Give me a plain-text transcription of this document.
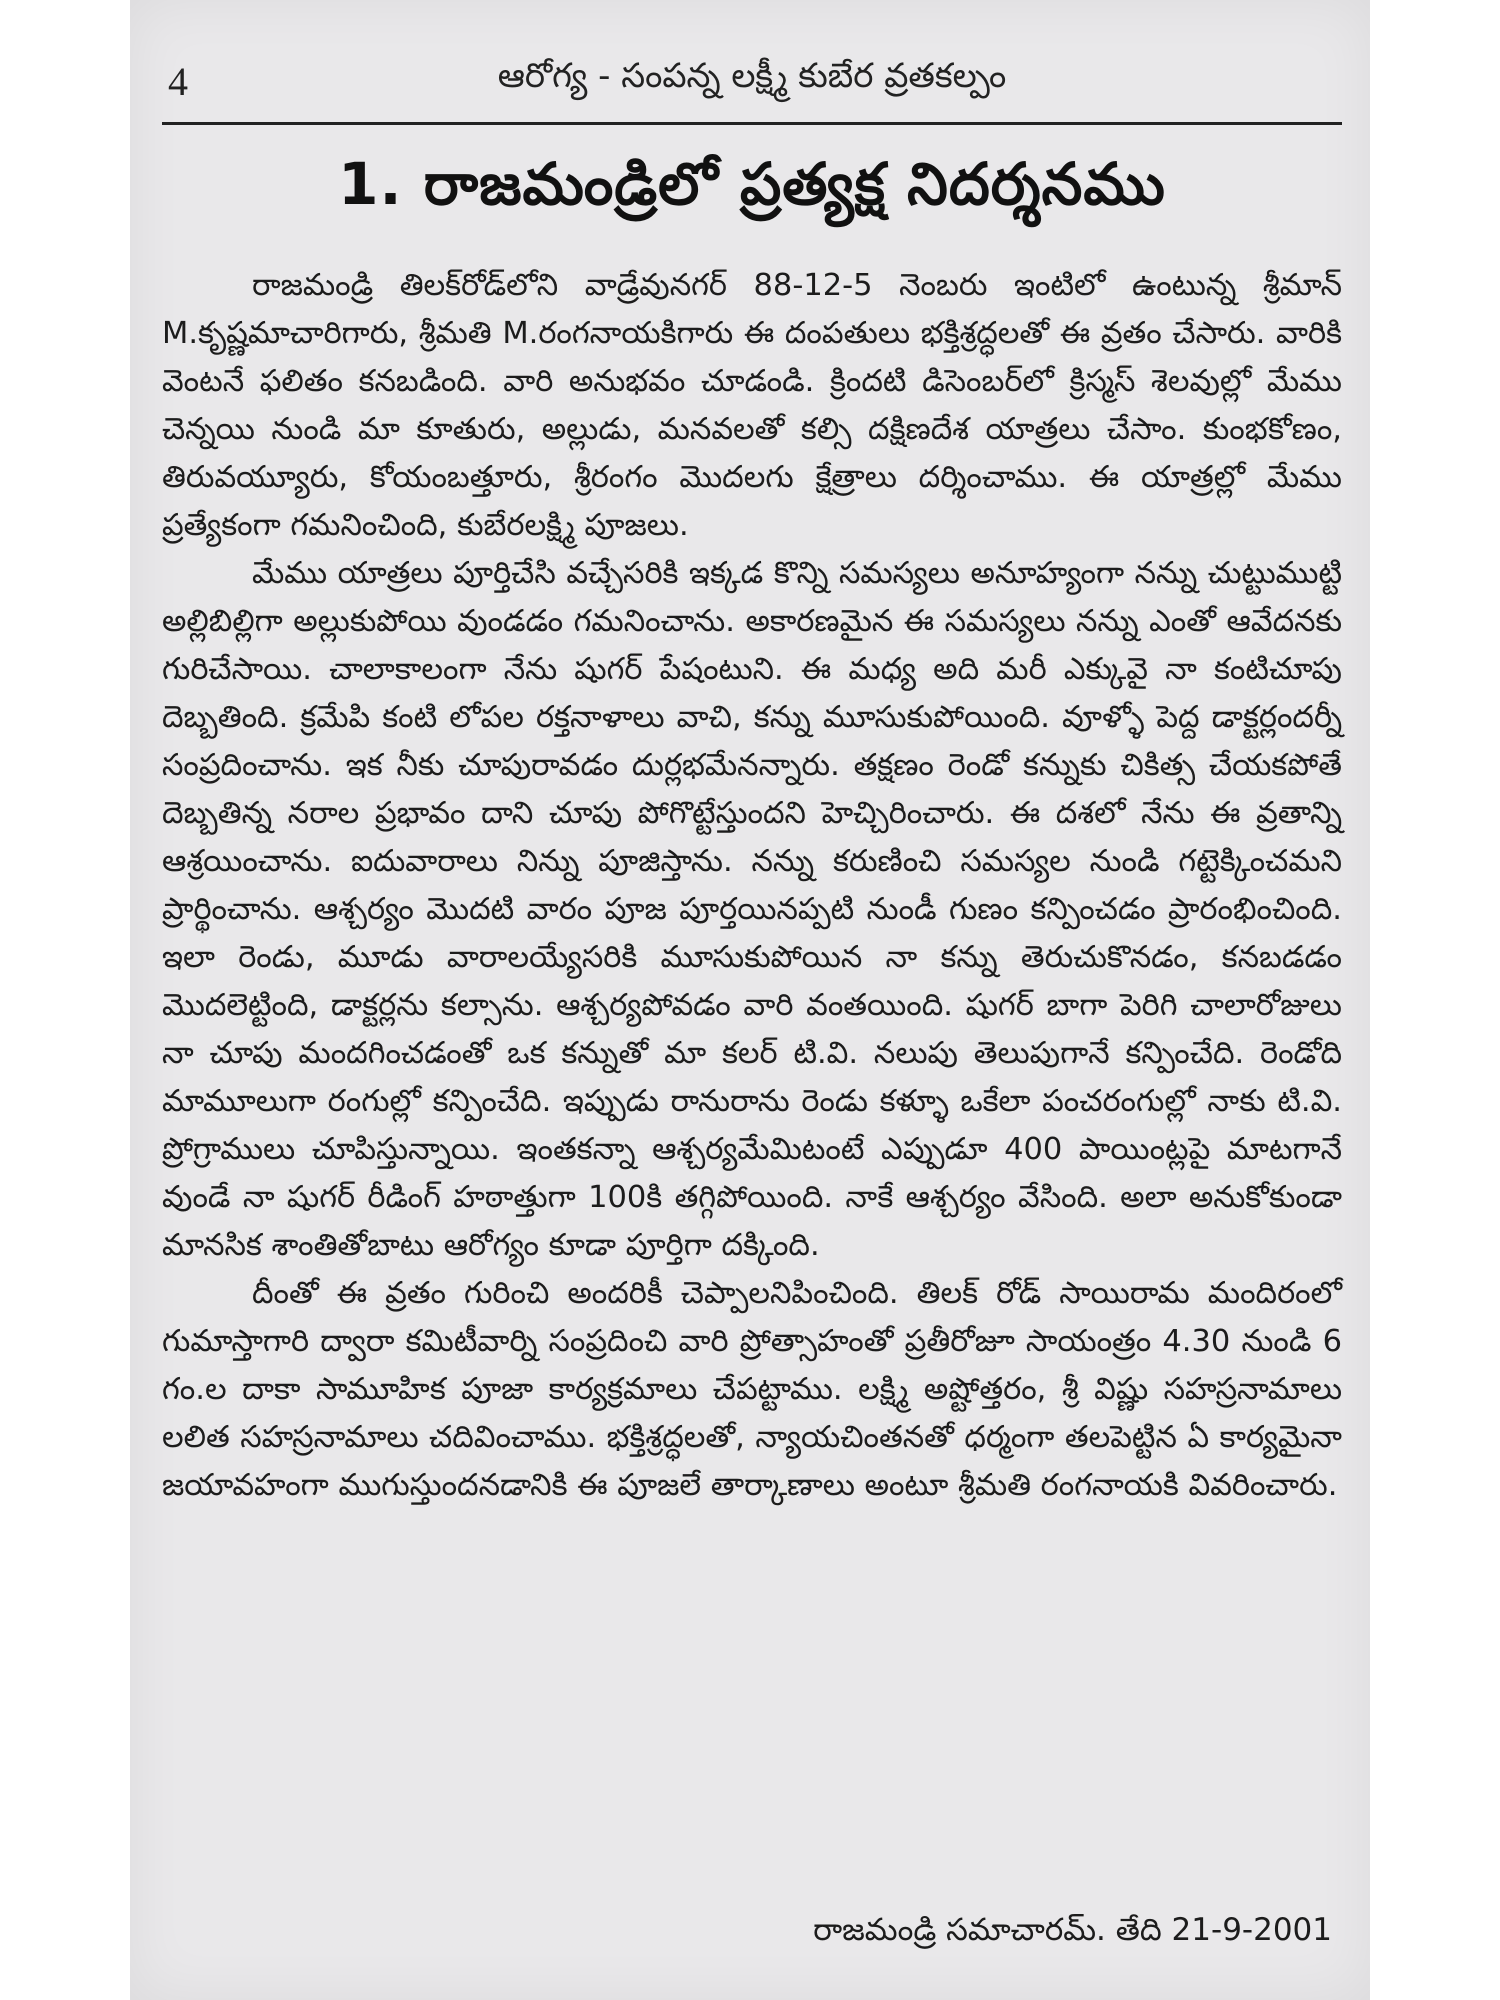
4	ఆరోగ్య - సంపన్న లక్ష్మీ కుబేర వ్రతకల్పం
1. రాజమండ్రిలో ప్రత్యక్ష నిదర్శనము

రాజమండ్రి తిలక్‌రోడ్‌లోని వాడ్రేవునగర్ 88-12-5 నెంబరు ఇంటిలో ఉంటున్న శ్రీమాన్ M.కృష్ణమాచారిగారు, శ్రీమతి M.రంగనాయకిగారు ఈ దంపతులు భక్తిశ్రద్ధలతో ఈ వ్రతం చేసారు. వారికి వెంటనే ఫలితం కనబడింది. వారి అనుభవం చూడండి. క్రిందటి డిసెంబర్‌లో క్రిస్మస్ శెలవుల్లో మేము చెన్నయి నుండి మా కూతురు, అల్లుడు, మనవలతో కల్సి దక్షిణదేశ యాత్రలు చేసాం. కుంభకోణం, తిరువయ్యూరు, కోయంబత్తూరు, శ్రీరంగం మొదలగు క్షేత్రాలు దర్శించాము. ఈ యాత్రల్లో మేము ప్రత్యేకంగా గమనించింది, కుబేరలక్ష్మి పూజలు.

మేము యాత్రలు పూర్తిచేసి వచ్చేసరికి ఇక్కడ కొన్ని సమస్యలు అనూహ్యంగా నన్ను చుట్టుముట్టి అల్లిబిల్లిగా అల్లుకుపోయి వుండడం గమనించాను. అకారణమైన ఈ సమస్యలు నన్ను ఎంతో ఆవేదనకు గురిచేసాయి. చాలాకాలంగా నేను షుగర్ పేషంటుని. ఈ మధ్య అది మరీ ఎక్కువై నా కంటిచూపు దెబ్బతింది. క్రమేపి కంటి లోపల రక్తనాళాలు వాచి, కన్ను మూసుకుపోయింది. వూళ్ళో పెద్ద డాక్టర్లందర్నీ సంప్రదించాను. ఇక నీకు చూపురావడం దుర్లభమేనన్నారు. తక్షణం రెండో కన్నుకు చికిత్స చేయకపోతే దెబ్బతిన్న నరాల ప్రభావం దాని చూపు పోగొట్టేస్తుందని హెచ్చిరించారు. ఈ దశలో నేను ఈ వ్రతాన్ని ఆశ్రయించాను. ఐదువారాలు నిన్ను పూజిస్తాను. నన్ను కరుణించి సమస్యల నుండి గట్టెక్కించమని ప్రార్థించాను. ఆశ్చర్యం మొదటి వారం పూజ పూర్తయినప్పటి నుండీ గుణం కన్పించడం ప్రారంభించింది. ఇలా రెండు, మూడు వారాలయ్యేసరికి మూసుకుపోయిన నా కన్ను తెరుచుకొనడం, కనబడడం మొదలెట్టింది, డాక్టర్లను కల్సాను. ఆశ్చర్యపోవడం వారి వంతయింది. షుగర్ బాగా పెరిగి చాలారోజులు నా చూపు మందగించడంతో ఒక కన్నుతో మా కలర్ టి.వి. నలుపు తెలుపుగానే కన్పించేది. రెండోది మామూలుగా రంగుల్లో కన్పించేది. ఇప్పుడు రానురాను రెండు కళ్ళూ ఒకేలా పంచరంగుల్లో నాకు టి.వి. ప్రోగ్రాములు చూపిస్తున్నాయి. ఇంతకన్నా ఆశ్చర్యమేమిటంటే ఎప్పుడూ 400 పాయింట్లపై మాటగానే వుండే నా షుగర్ రీడింగ్ హఠాత్తుగా 100కి తగ్గిపోయింది. నాకే ఆశ్చర్యం వేసింది. అలా అనుకోకుండా మానసిక శాంతితోబాటు ఆరోగ్యం కూడా పూర్తిగా దక్కింది.

దీంతో ఈ వ్రతం గురించి అందరికీ చెప్పాలనిపించింది. తిలక్ రోడ్ సాయిరామ మందిరంలో గుమాస్తాగారి ద్వారా కమిటీవార్ని సంప్రదించి వారి ప్రోత్సాహంతో ప్రతీరోజూ సాయంత్రం 4.30 నుండి 6 గం.ల దాకా సామూహిక పూజా కార్యక్రమాలు చేపట్టాము. లక్ష్మి అష్టోత్తరం, శ్రీ విష్ణు సహస్రనామాలు లలిత సహస్రనామాలు చదివించాము. భక్తిశ్రద్ధలతో, న్యాయచింతనతో ధర్మంగా తలపెట్టిన ఏ కార్యమైనా జయావహంగా ముగుస్తుందనడానికి ఈ పూజలే తార్కాణాలు అంటూ శ్రీమతి రంగనాయకి వివరించారు.

రాజమండ్రి సమాచారమ్. తేది 21-9-2001
